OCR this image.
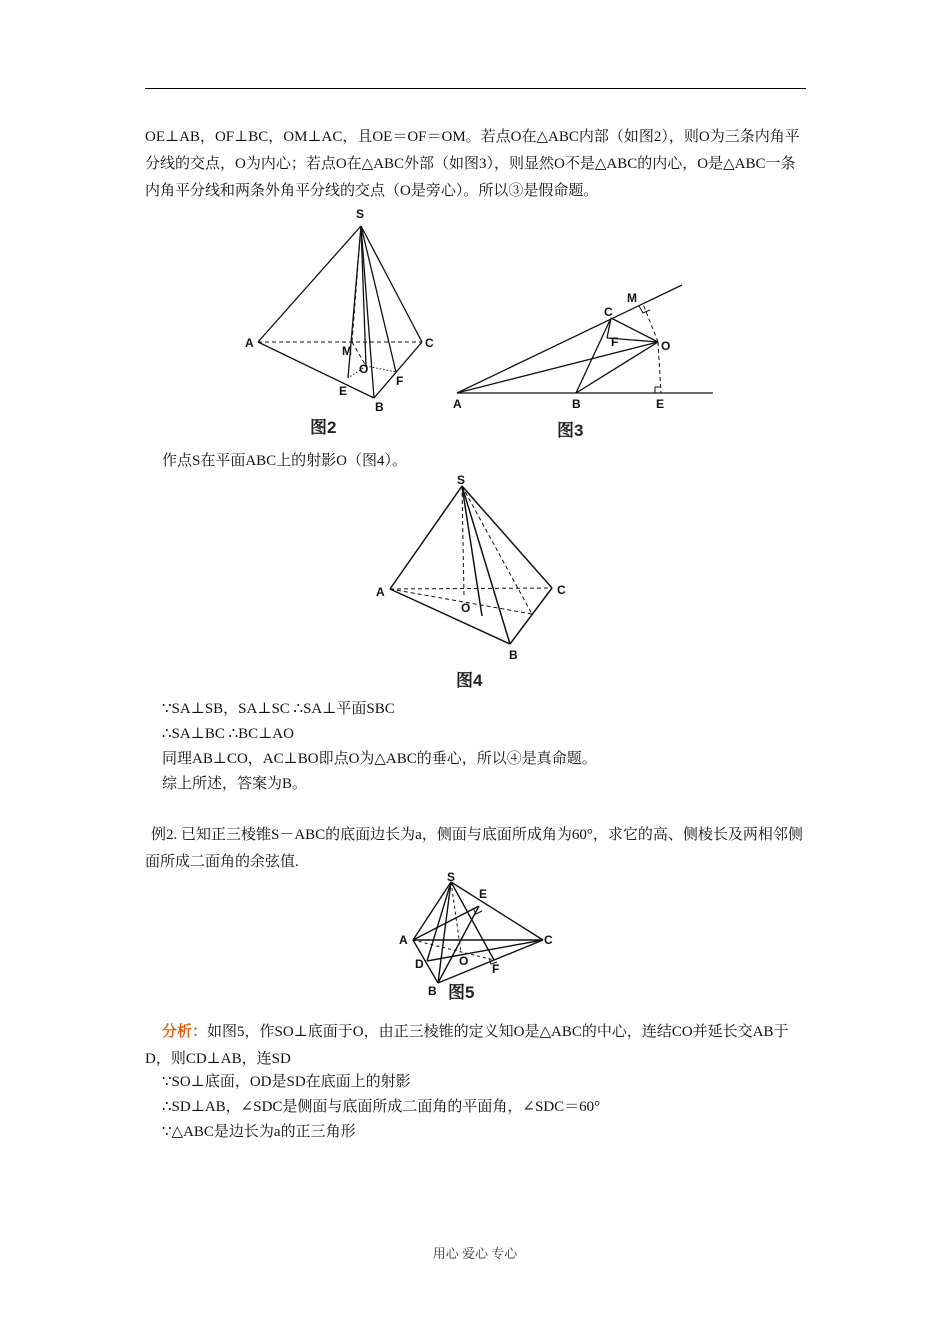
OE⊥AB，OF⊥BC，OM⊥AC，且OE＝OF＝OM。若点O在△ABC内部（如图2），则O为三条内角平分线的交点，O为内心；若点O在△ABC外部（如图3），则显然O不是△ABC的内心，O是△ABC一条内角平分线和两条外角平分线的交点（O是旁心）。所以③是假命题。
S
A	C
M
O
E
F
B
图2
M
C
F	O
A	B	E
图3
作点S在平面ABC上的射影O（图4）。
S
A	C
O
B
图4
∵SA⊥SB，SA⊥SC ∴SA⊥平面SBC
∴SA⊥BC ∴BC⊥AO
同理AB⊥CO，AC⊥BO即点O为△ABC的垂心，所以④是真命题。
综上所述，答案为B。
例2. 已知正三棱锥S－ABC的底面边长为a，侧面与底面所成角为60°，求它的高、侧棱长及两相邻侧面所成二面角的余弦值.
S
E
A	C
D	O
F
B 图5
分析：如图5，作SO⊥底面于O，由正三棱锥的定义知O是△ABC的中心，连结CO并延长交AB于D，则CD⊥AB，连SD
∵SO⊥底面，OD是SD在底面上的射影
∴SD⊥AB，∠SDC是侧面与底面所成二面角的平面角，∠SDC＝60°
∵△ABC是边长为a的正三角形
用心 爱心 专心
